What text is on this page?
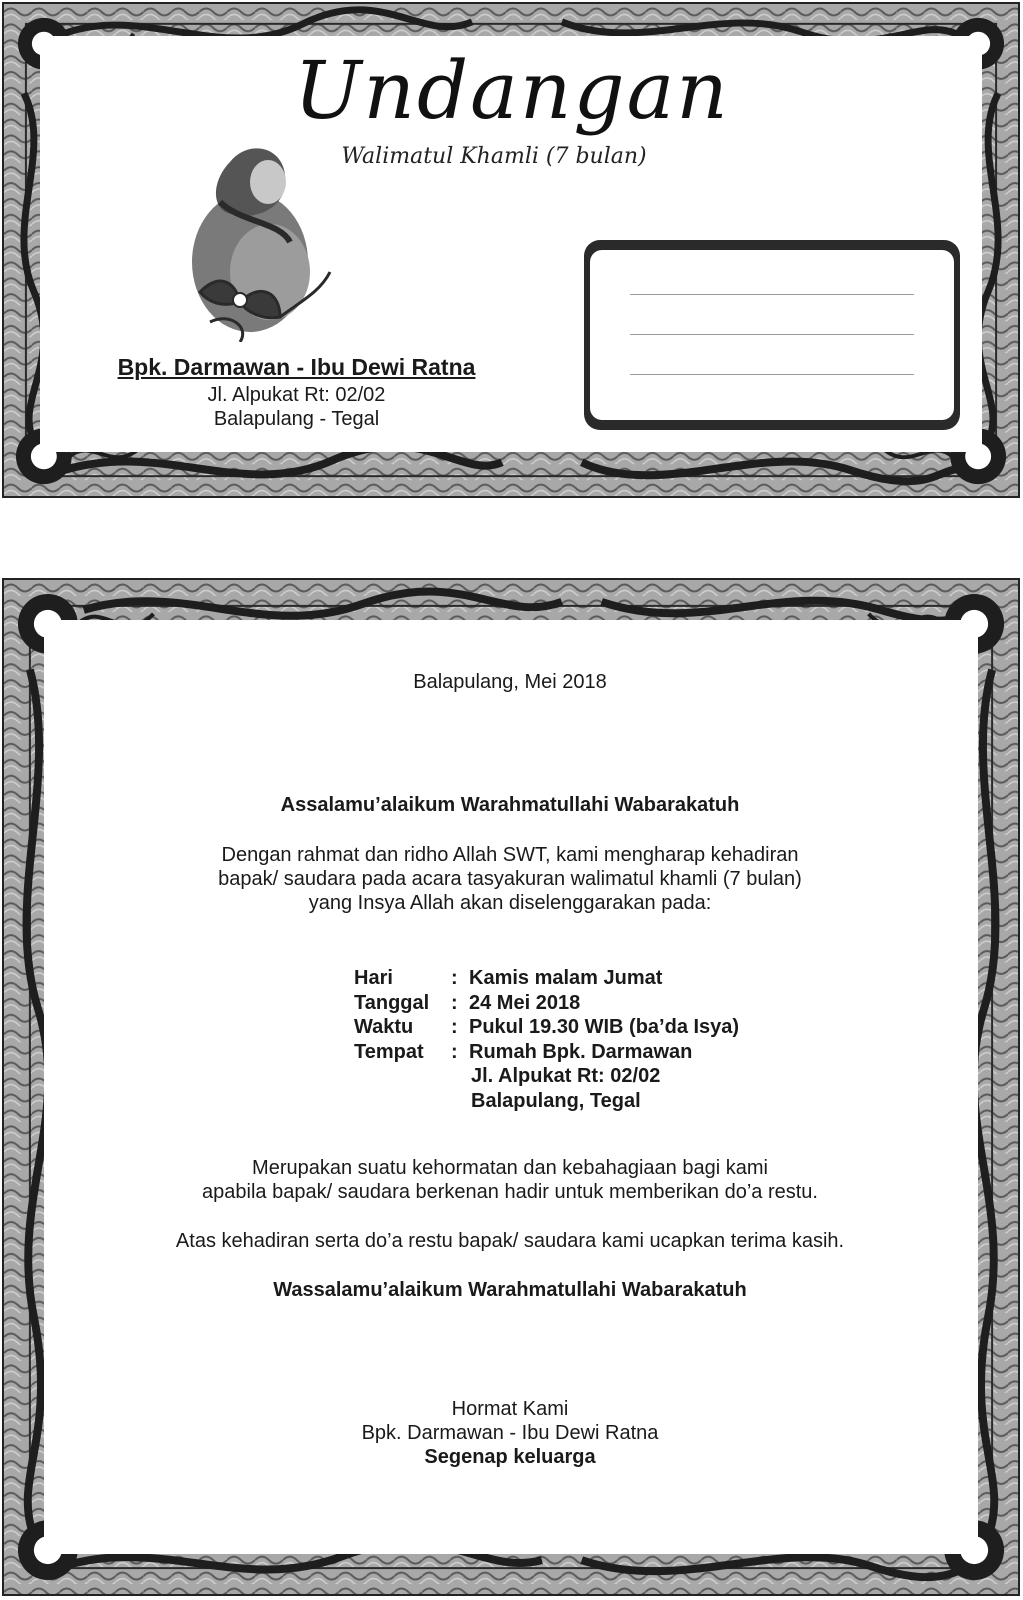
Undangan
Walimatul Khamli (7 bulan)
Bpk. Darmawan - Ibu Dewi Ratna
Jl. Alpukat Rt: 02/02
Balapulang - Tegal
Balapulang, Mei 2018
Assalamu’alaikum Warahmatullahi Wabarakatuh
Dengan rahmat dan ridho Allah SWT, kami mengharap kehadiran
bapak/ saudara pada acara tasyakuran walimatul khamli (7 bulan)
yang Insya Allah akan diselenggarakan pada:
Hari	: Kamis malam Jumat
Tanggal	: 24 Mei 2018
Waktu	: Pukul 19.30 WIB (ba’da Isya)
Tempat	: Rumah Bpk. Darmawan
Jl. Alpukat Rt: 02/02
Balapulang, Tegal
Merupakan suatu kehormatan dan kebahagiaan bagi kami
apabila bapak/ saudara berkenan hadir untuk memberikan do’a restu.
Atas kehadiran serta do’a restu bapak/ saudara kami ucapkan terima kasih.
Wassalamu’alaikum Warahmatullahi Wabarakatuh
Hormat Kami
Bpk. Darmawan - Ibu Dewi Ratna
Segenap keluarga
